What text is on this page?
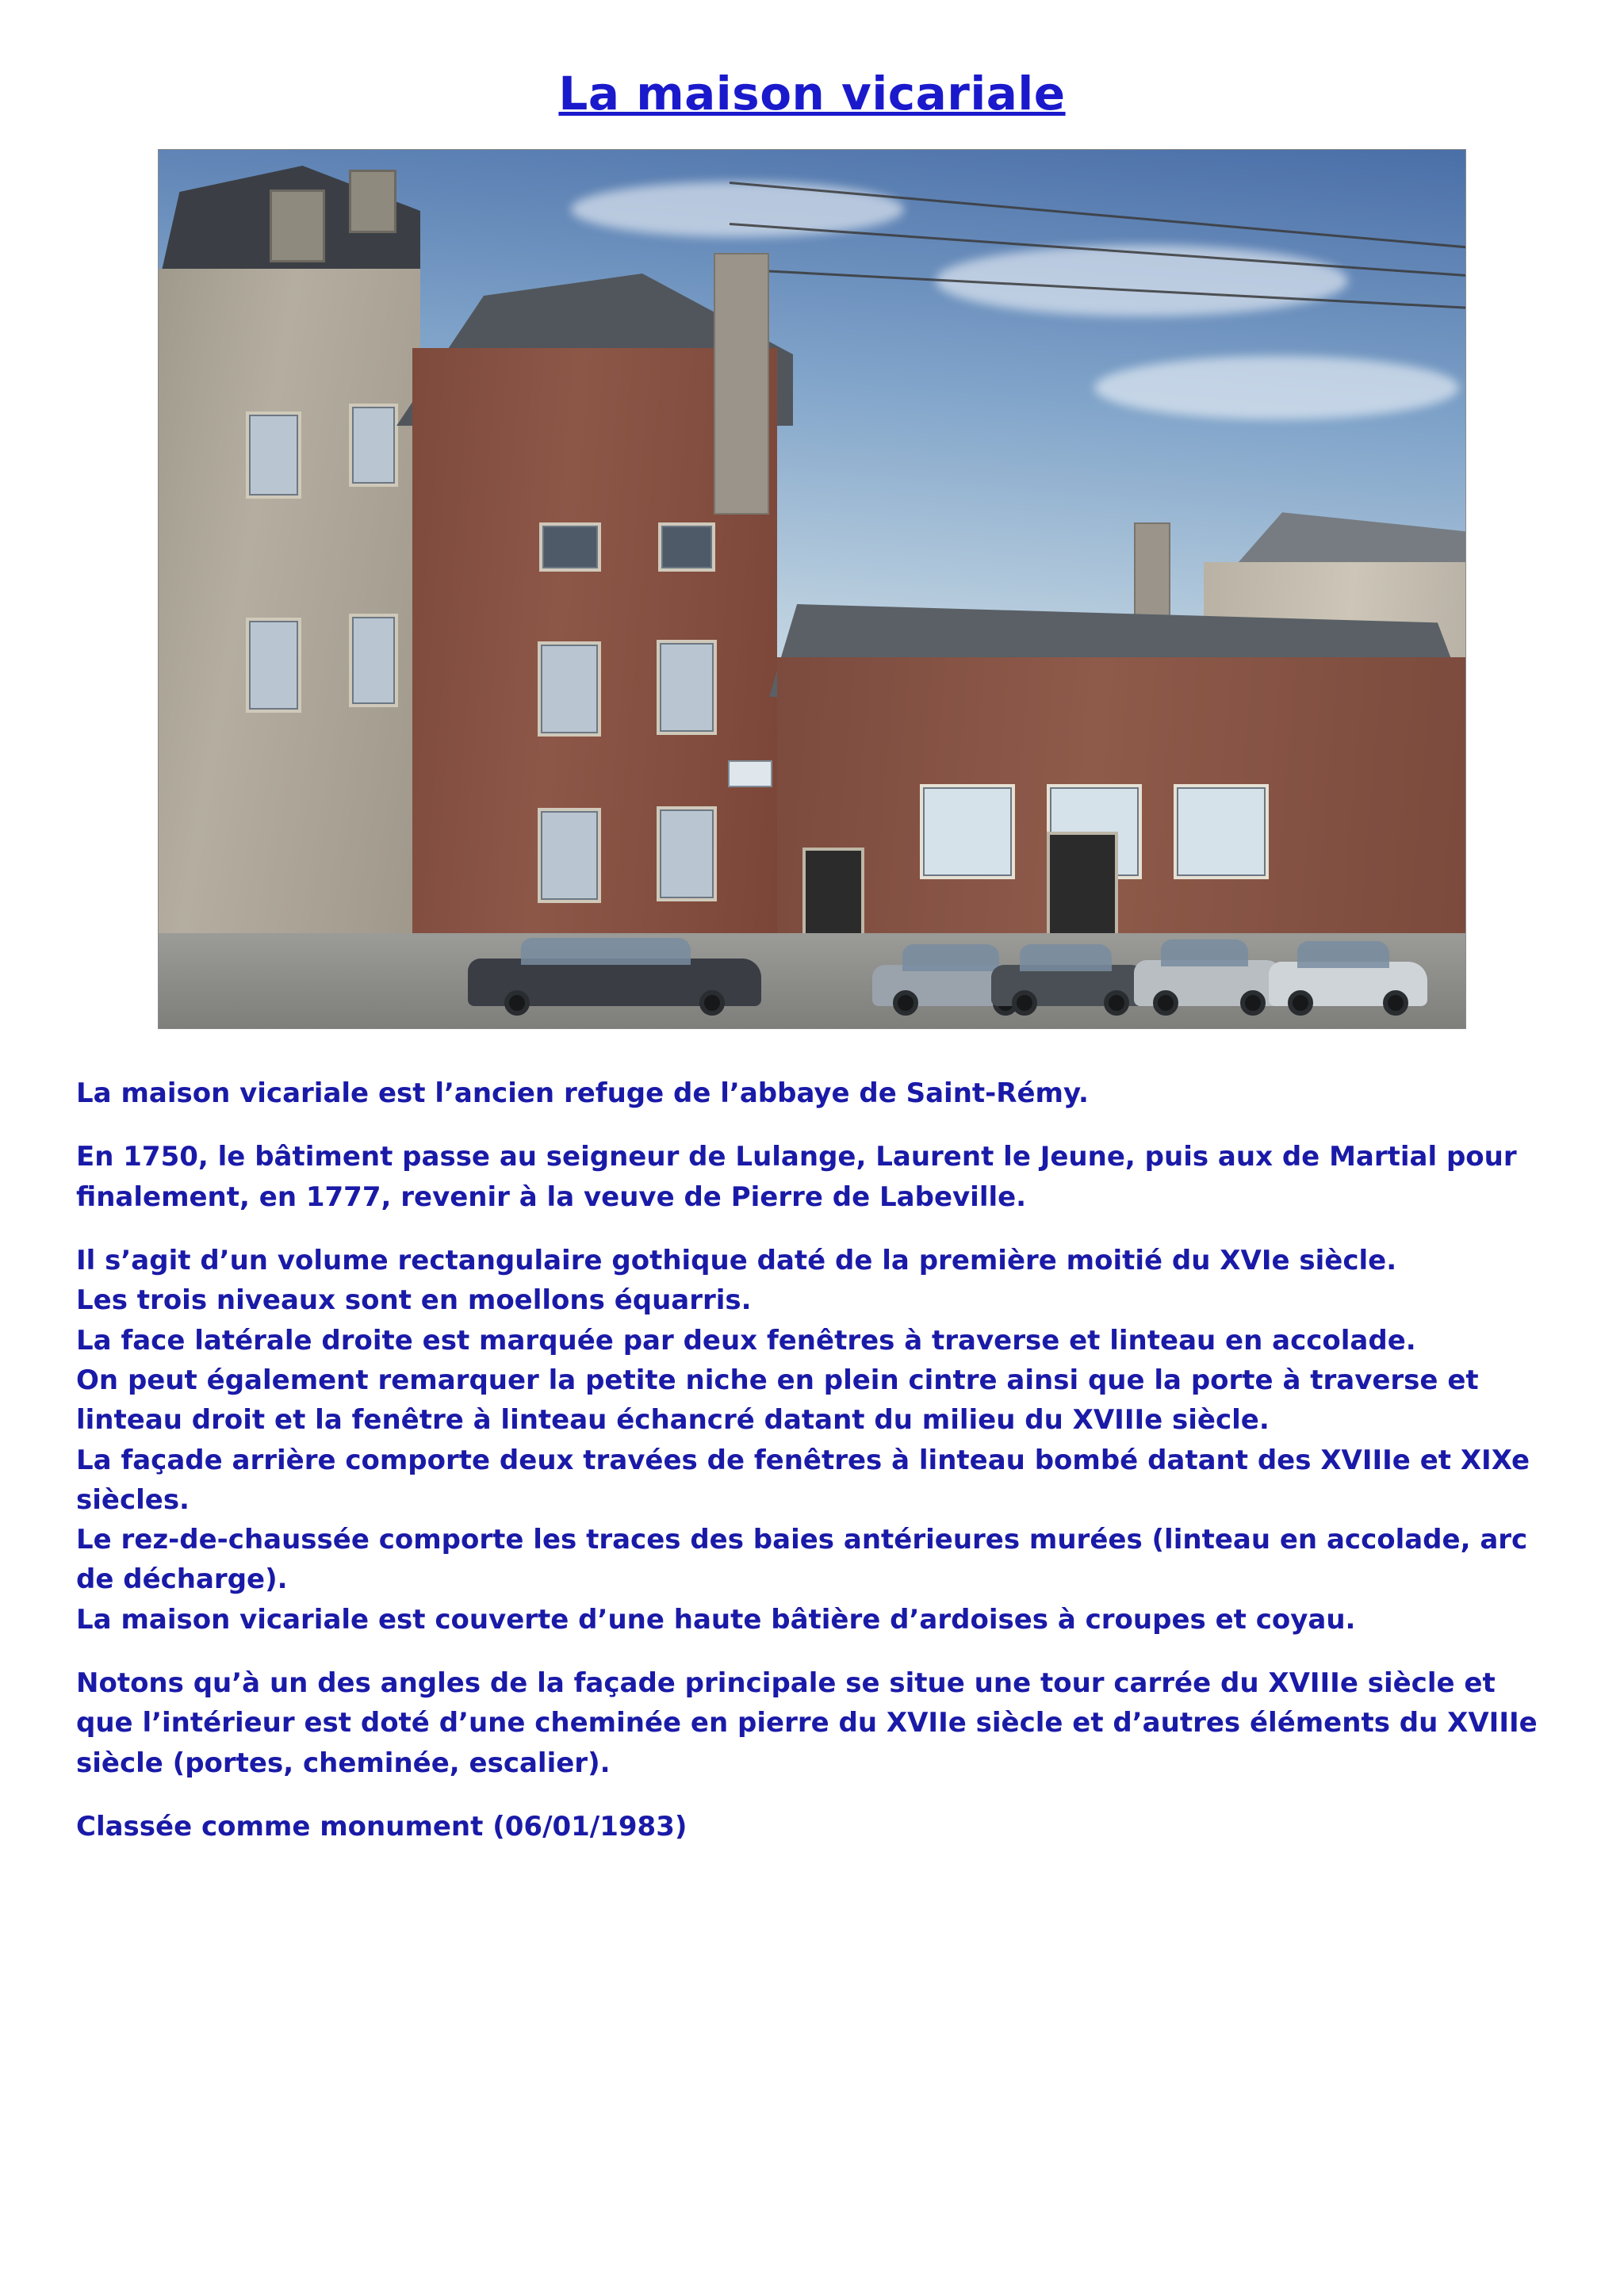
La maison vicariale

La maison vicariale est l’ancien refuge de l’abbaye de Saint-Rémy.

En 1750, le bâtiment passe au seigneur de Lulange, Laurent le Jeune, puis aux de Martial pour finalement, en 1777, revenir à la veuve de Pierre de Labeville.

Il s’agit d’un volume rectangulaire gothique daté de la première moitié du XVIe siècle.
Les trois niveaux sont en moellons équarris.
La face latérale droite est marquée par deux fenêtres à traverse et linteau en accolade.
On peut également remarquer la petite niche en plein cintre ainsi que la porte à traverse et linteau droit et la fenêtre à linteau échancré datant du milieu du XVIIIe siècle.
La façade arrière comporte deux travées de fenêtres à linteau bombé datant des XVIIIe et XIXe siècles.
Le rez-de-chaussée comporte les traces des baies antérieures murées (linteau en accolade, arc de décharge).
La maison vicariale est couverte d’une haute bâtière d’ardoises à croupes et coyau.

Notons qu’à un des angles de la façade principale se situe une tour carrée du XVIIIe siècle et que l’intérieur est doté d’une cheminée en pierre du XVIIe siècle et d’autres éléments du XVIIIe siècle (portes, cheminée, escalier).

Classée comme monument (06/01/1983)
